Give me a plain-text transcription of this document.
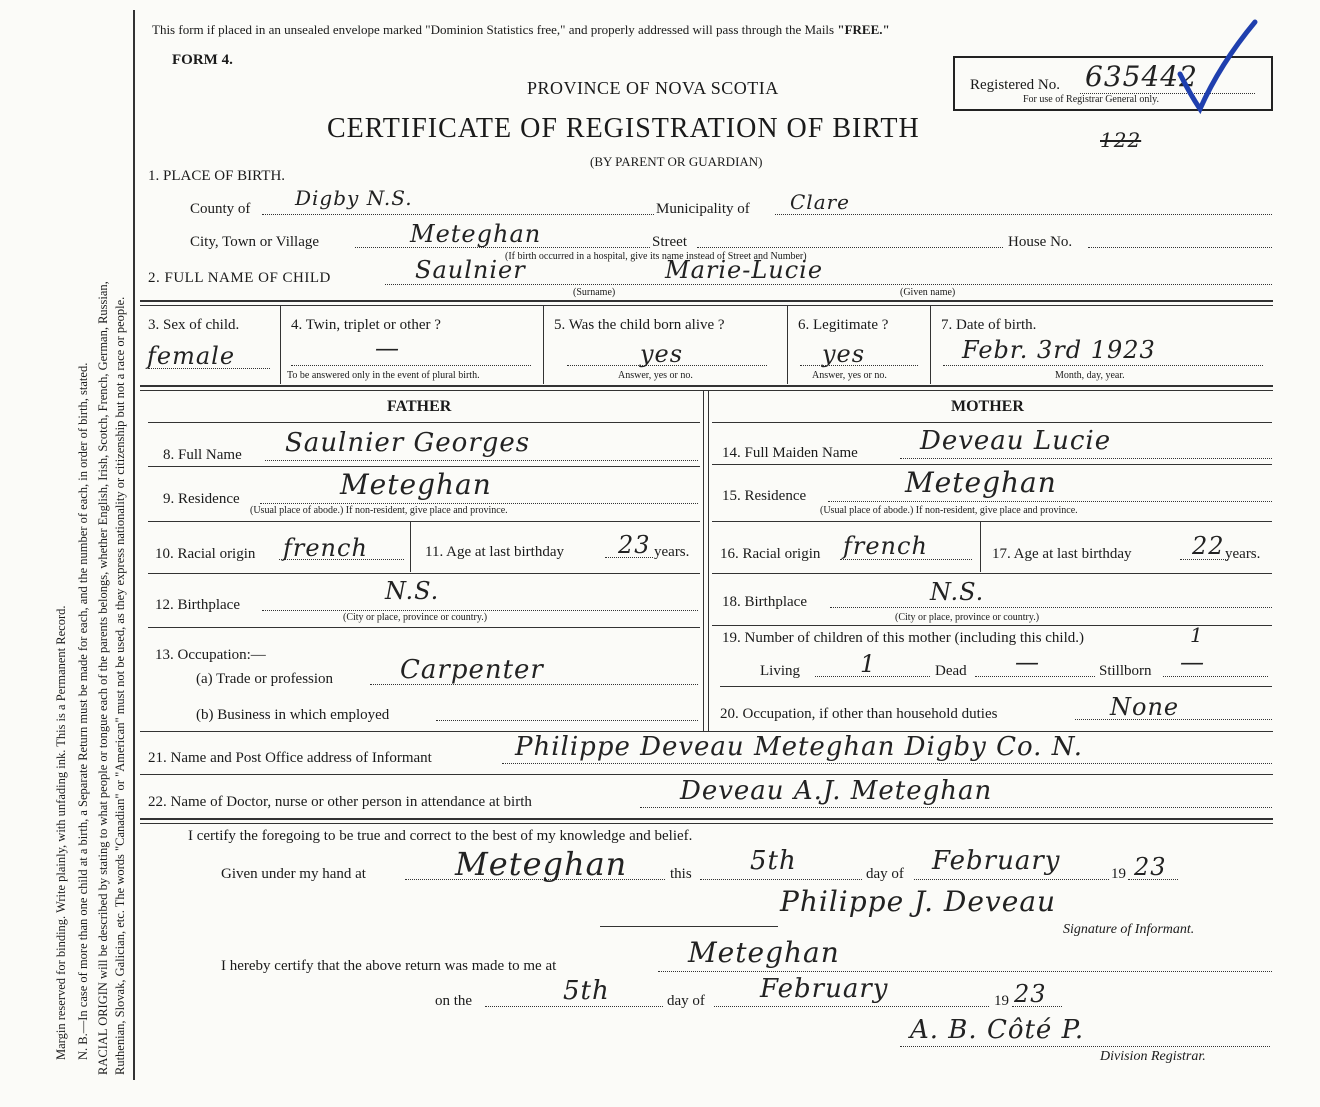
Margin reserved for binding. Write plainly, with unfading ink. This is a Permanent Record. N. B.—In case of more than one child at a birth, a Separate Return must be made for each, and the number of each, in order of birth, stated. RACIAL ORIGIN will be described by stating to what people or tongue each of the parents belongs, whether English, Irish, Scotch, French, German, Russian, Ruthenian, Slovak, Galician, etc. The words "Canadian" or "American" must not be used, as they express nationality or citizenship but not a race or people.
This form if placed in an unsealed envelope marked "Dominion Statistics free," and properly addressed will pass through the Mails "FREE."
FORM 4.
PROVINCE OF NOVA SCOTIA
CERTIFICATE OF REGISTRATION OF BIRTH	122
(BY PARENT OR GUARDIAN)
Registered No. 635442
For use of Registrar General only.
1. PLACE OF BIRTH.
County of Digby N.S.	Municipality of Clare
City, Town or Village	Meteghan	Street	House No.
(If birth occurred in a hospital, give its name instead of Street and Number)
2. FULL NAME OF CHILD	Saulnier	Marie-Lucie
(Surname)	(Given name)
3. Sex of child.
female
4. Twin, triplet or other ?
—
To be answered only in the event of plural birth.
5. Was the child born alive ?
yes
Answer, yes or no.
6. Legitimate ?
yes
Answer, yes or no.
7. Date of birth.
Febr. 3rd 1923
Month, day, year.
FATHER
8. Full Name Saulnier Georges
9. Residence	Meteghan
(Usual place of abode.) If non-resident, give place and province.
10. Racial origin french	11. Age at last birthday 23 years.
12. Birthplace	N.S.
(City or place, province or country.)
13. Occupation:—
(a) Trade or profession	Carpenter
(b) Business in which employed
MOTHER
14. Full Maiden Name Deveau Lucie
15. Residence	Meteghan
(Usual place of abode.) If non-resident, give place and province.
16. Racial origin french	17. Age at last birthday	22 years.
18. Birthplace	N.S.
(City or place, province or country.)
19. Number of children of this mother (including this child.)	1
Living	1	Dead —	Stillborn —
20. Occupation, if other than household duties	None
21. Name and Post Office address of Informant	Philippe Deveau Meteghan Digby Co. N.
22. Name of Doctor, nurse or other person in attendance at birth	Deveau A.J. Meteghan
I certify the foregoing to be true and correct to the best of my knowledge and belief.
Given under my hand at	Meteghan	this 5th	day of February	19 23
Philippe J. Deveau
Signature of Informant.
I hereby certify that the above return was made to me at	Meteghan
on the	5th	day of February	19 23
A. B. Côté P.
Division Registrar.
